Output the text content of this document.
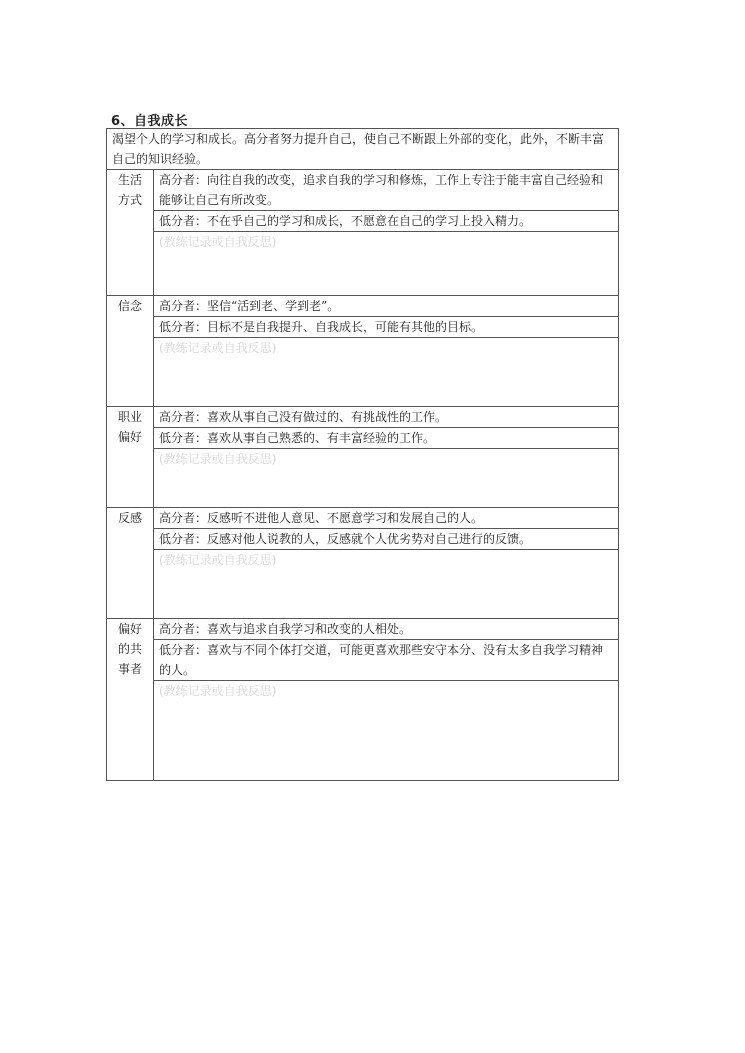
6、自我成长
渴望个人的学习和成长。高分者努力提升自己，使自己不断跟上外部的变化，此外，不断丰富自己的知识经验。	
生活方式	高分者：向往自我的改变，追求自我的学习和修炼，工作上专注于能丰富自己经验和能够让自己有所改变。
	低分者：不在乎自己的学习和成长，不愿意在自己的学习上投入精力。
	(教练记录或自我反思)
信念	高分者：坚信“活到老、学到老”。
	低分者：目标不是自我提升、自我成长，可能有其他的目标。
	(教练记录或自我反思)
职业偏好	高分者：喜欢从事自己没有做过的、有挑战性的工作。
	低分者：喜欢从事自己熟悉的、有丰富经验的工作。
	(教练记录或自我反思)
反感	高分者：反感听不进他人意见、不愿意学习和发展自己的人。
	低分者：反感对他人说教的人，反感就个人优劣势对自己进行的反馈。
	(教练记录或自我反思)
偏好的共事者	高分者：喜欢与追求自我学习和改变的人相处。
	低分者：喜欢与不同个体打交道，可能更喜欢那些安守本分、没有太多自我学习精神的人。
	(教练记录或自我反思)
